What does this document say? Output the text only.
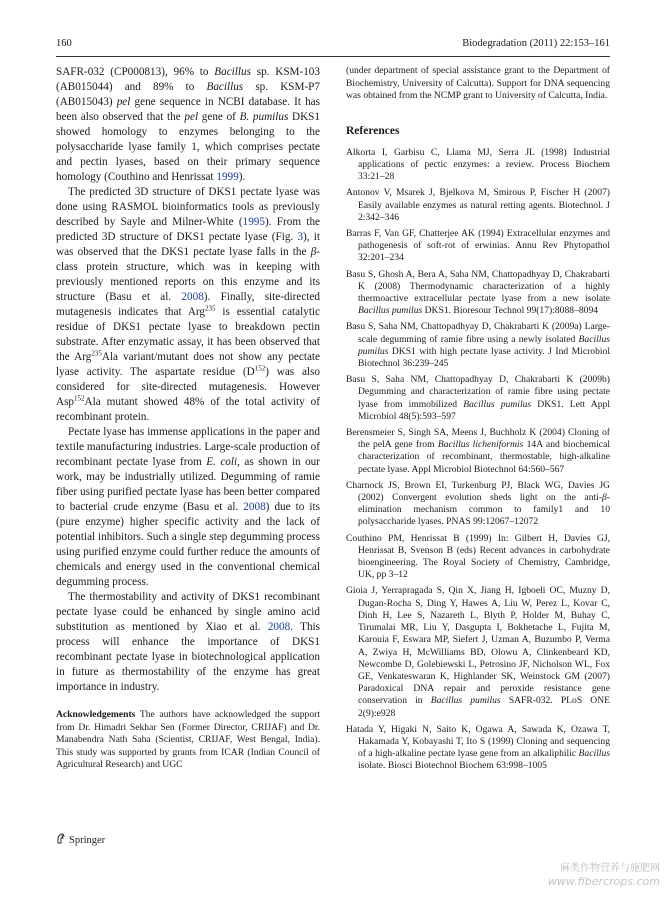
160	Biodegradation (2011) 22:153–161

SAFR-032 (CP000813), 96% to Bacillus sp. KSM-103 (AB015044) and 89% to Bacillus sp. KSM-P7 (AB015043) pel gene sequence in NCBI database. It has been also observed that the pel gene of B. pumilus DKS1 showed homology to enzymes belonging to the polysaccharide lyase family 1, which comprises pectate and pectin lyases, based on their primary sequence homology (Couthino and Henrissat 1999).

The predicted 3D structure of DKS1 pectate lyase was done using RASMOL bioinformatics tools as previously described by Sayle and Milner-White (1995). From the predicted 3D structure of DKS1 pectate lyase (Fig. 3), it was observed that the DKS1 pectate lyase falls in the β-class protein structure, which was in keeping with previously mentioned reports on this enzyme and its structure (Basu et al. 2008). Finally, site-directed mutagenesis indicates that Arg$^{235}$ is essential catalytic residue of DKS1 pectate lyase to breakdown pectin substrate. After enzymatic assay, it has been observed that the Arg$^{235}$Ala variant/mutant does not show any pectate lyase activity. The aspartate residue $(D^{152})$ was also considered for site-directed mutagenesis. However Asp$^{152}$Ala mutant showed 48% of the total activity of recombinant protein.

Pectate lyase has immense applications in the paper and textile manufacturing industries. Large-scale production of recombinant pectate lyase from E. coli, as shown in our work, may be industrially utilized. Degumming of ramie fiber using purified pectate lyase has been better compared to bacterial crude enzyme (Basu et al. 2008) due to its (pure enzyme) higher specific activity and the lack of potential inhibitors. Such a single step degumming process using purified enzyme could further reduce the amounts of chemicals and energy used in the conventional chemical degumming process.

The thermostability and activity of DKS1 recombinant pectate lyase could be enhanced by single amino acid substitution as mentioned by Xiao et al. 2008. This process will enhance the importance of DKS1 recombinant pectate lyase in biotechnological application in future as thermostability of the enzyme has great importance in industry.

Acknowledgements The authors have acknowledged the support from Dr. Himadri Sekhar Sen (Former Director, CRIJAF) and Dr. Manabendra Nath Saha (Scientist, CRIJAF, West Bengal, India). This study was supported by grants from ICAR (Indian Council of Agricultural Research) and UGC

(under department of special assistance grant to the Department of Biochemistry, University of Calcutta). Support for DNA sequencing was obtained from the NCMP grant to University of Calcutta, India.

References

Alkorta I, Garbisu C, Llama MJ, Serra JL (1998) Industrial applications of pectic enzymes: a review. Process Biochem 33:21–28

Antonov V, Msarek J, Bjelkova M, Smirous P, Fischer H (2007) Easily available enzymes as natural retting agents. Biotechnol. J 2:342–346

Barras F, Van GF, Chatterjee AK (1994) Extracellular enzymes and pathogenesis of soft-rot of erwinias. Annu Rev Phytopathol 32:201–234

Basu S, Ghosh A, Bera A, Saha NM, Chattopadhyay D, Chakrabarti K (2008) Thermodynamic characterization of a highly thermoactive extracellular pectate lyase from a new isolate Bacillus pumilus DKS1. Bioresour Technol 99(17):8088–8094

Basu S, Saha NM, Chattopadhyay D, Chakrabarti K (2009a) Large-scale degumming of ramie fibre using a newly isolated Bacillus pumilus DKS1 with high pectate lyase activity. J Ind Microbiol Biotechnol 36:239–245

Basu S, Saha NM, Chattopadhyay D, Chakrabarti K (2009b) Degumming and characterization of ramie fibre using pectate lyase from immobilized Bacillus pumilus DKS1. Lett Appl Microbiol 48(5):593–597

Berensmeier S, Singh SA, Meens J, Buchholz K (2004) Cloning of the pelA gene from Bacillus licheniformis 14A and biochemical characterization of recombinant, thermostable, high-alkaline pectate lyase. Appl Microbiol Biotechnol 64:560–567

Charnock JS, Brown EI, Turkenburg PJ, Black WG, Davies JG (2002) Convergent evolution sheds light on the anti-β-elimination mechanism common to family1 and 10 polysaccharide lyases. PNAS 99:12067–12072

Couthino PM, Henrissat B (1999) In: Gilbert H, Davies GJ, Henrissat B, Svenson B (eds) Recent advances in carbohydrate bioengineering. The Royal Society of Chemistry, Cambridge, UK, pp 3–12

Gioia J, Yerrapragada S, Qin X, Jiang H, Igboeli OC, Muzny D, Dugan-Rocha S, Ding Y, Hawes A, Liu W, Perez L, Kovar C, Dinh H, Lee S, Nazareth L, Blyth P, Holder M, Buhay C, Tirumalai MR, Liu Y, Dasgupta I, Bokhetache L, Fujita M, Karouia F, Eswara MP, Siefert J, Uzman A, Buzumbo P, Verma A, Zwiya H, McWilliams BD, Olowu A, Clinkenbeard KD, Newcombe D, Golebiewski L, Petrosino JF, Nicholson WL, Fox GE, Venkateswaran K, Highlander SK, Weinstock GM (2007) Paradoxical DNA repair and peroxide resistance gene conservation in Bacillus pumilus SAFR-032. PLoS ONE 2(9):e928

Hatada Y, Higaki N, Saito K, Ogawa A, Sawada K, Ozawa T, Hakamada Y, Kobayashi T, Ito S (1999) Cloning and sequencing of a high-alkaline pectate lyase gene from an alkaliphilic Bacillus isolate. Biosci Biotechnol Biochem 63:998–1005

Springer
麻类作物营养与施肥网
www.fibercrops.com
